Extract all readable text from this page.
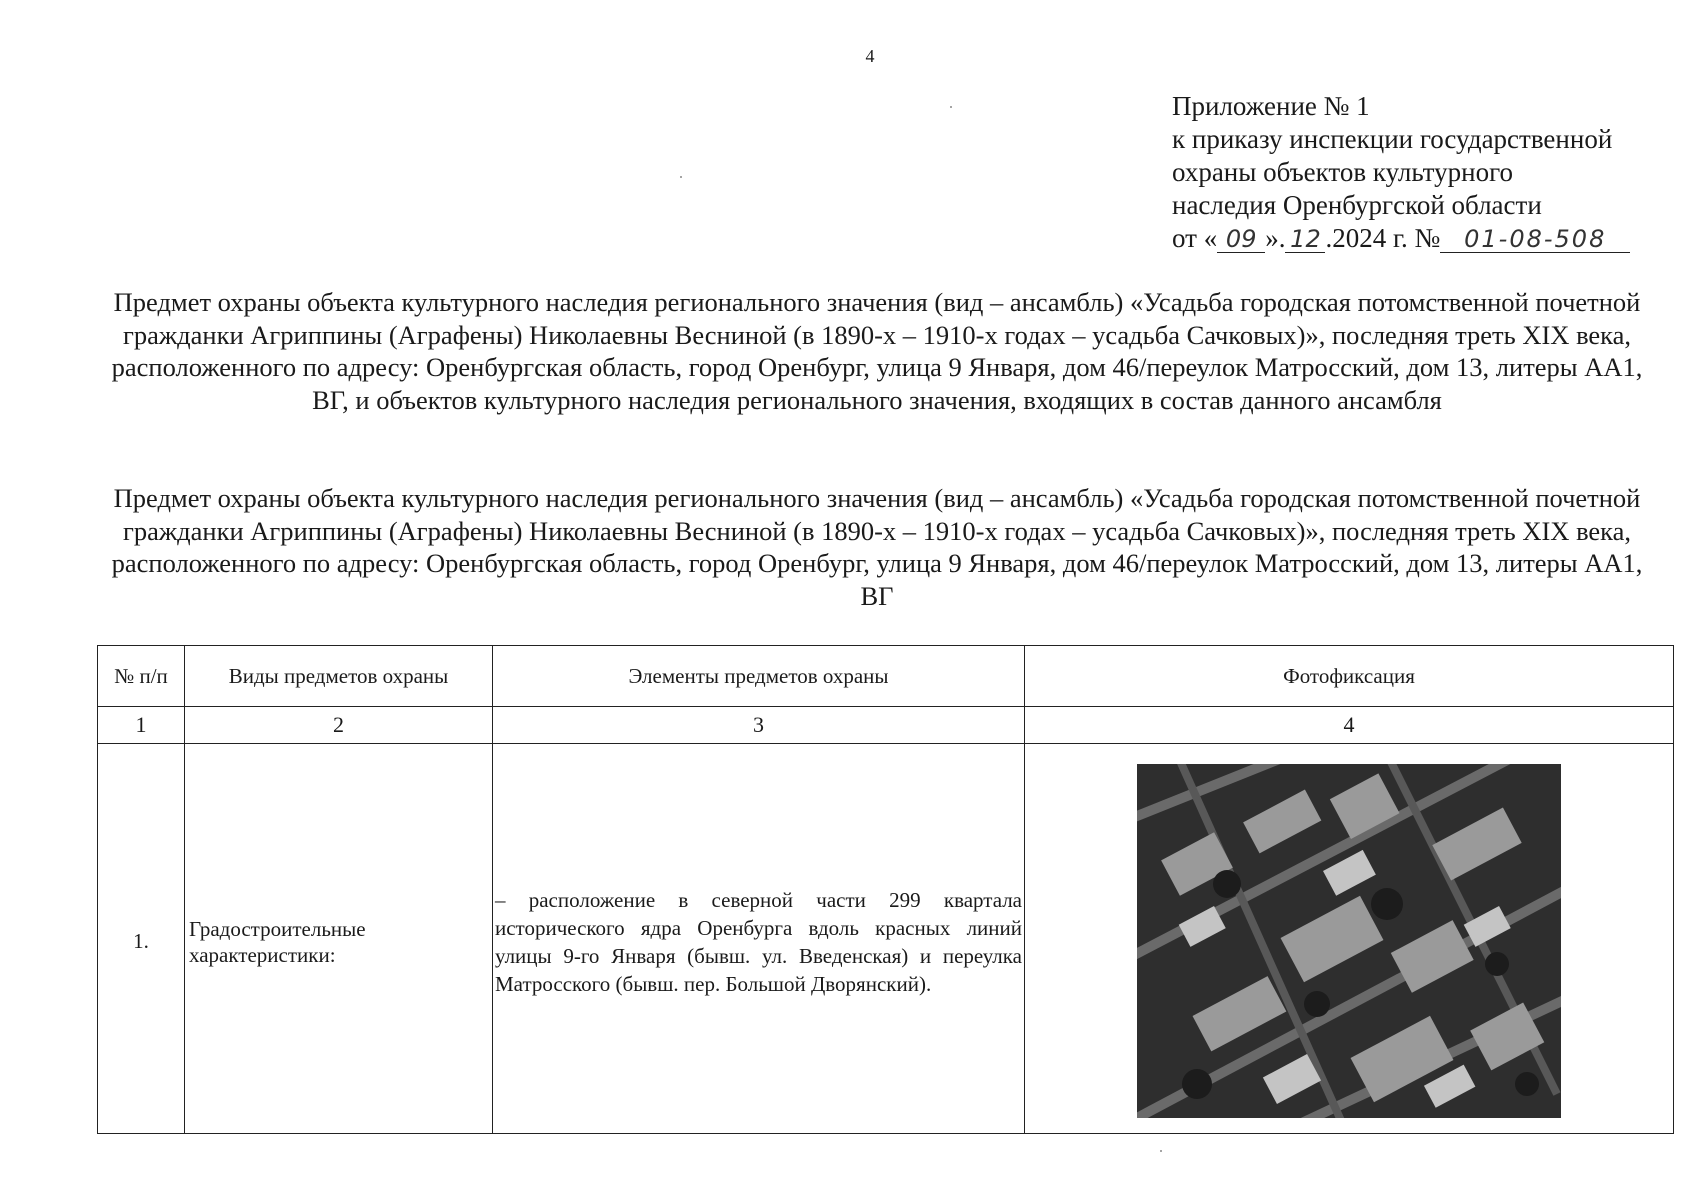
4
Приложение № 1
к приказу инспекции государственной
охраны объектов культурного
наследия Оренбургской области
от « 09 ». 12 .2024 г. № 01-08-508
Предмет охраны объекта культурного наследия регионального значения (вид – ансамбль) «Усадьба городская потомственной почетной гражданки Агриппины (Аграфены) Николаевны Весниной (в 1890-х – 1910-х годах – усадьба Сачковых)», последняя треть XIX века, расположенного по адресу: Оренбургская область, город Оренбург, улица 9 Января, дом 46/переулок Матросский, дом 13, литеры АА1, ВГ, и объектов культурного наследия регионального значения, входящих в состав данного ансамбля
Предмет охраны объекта культурного наследия регионального значения (вид – ансамбль) «Усадьба городская потомственной почетной гражданки Агриппины (Аграфены) Николаевны Весниной (в 1890-х – 1910-х годах – усадьба Сачковых)», последняя треть XIX века, расположенного по адресу: Оренбургская область, город Оренбург, улица 9 Января, дом 46/переулок Матросский, дом 13, литеры АА1, ВГ
№ п/п	Виды предметов охраны	Элементы предметов охраны	Фотофиксация
1	2	3	4
1.	Градостроительные характеристики:	– расположение в северной части 299 квартала исторического ядра Оренбурга вдоль красных линий улицы 9-го Января (бывш. ул. Введенская) и переулка Матросского (бывш. пер. Большой Дворянский).	
